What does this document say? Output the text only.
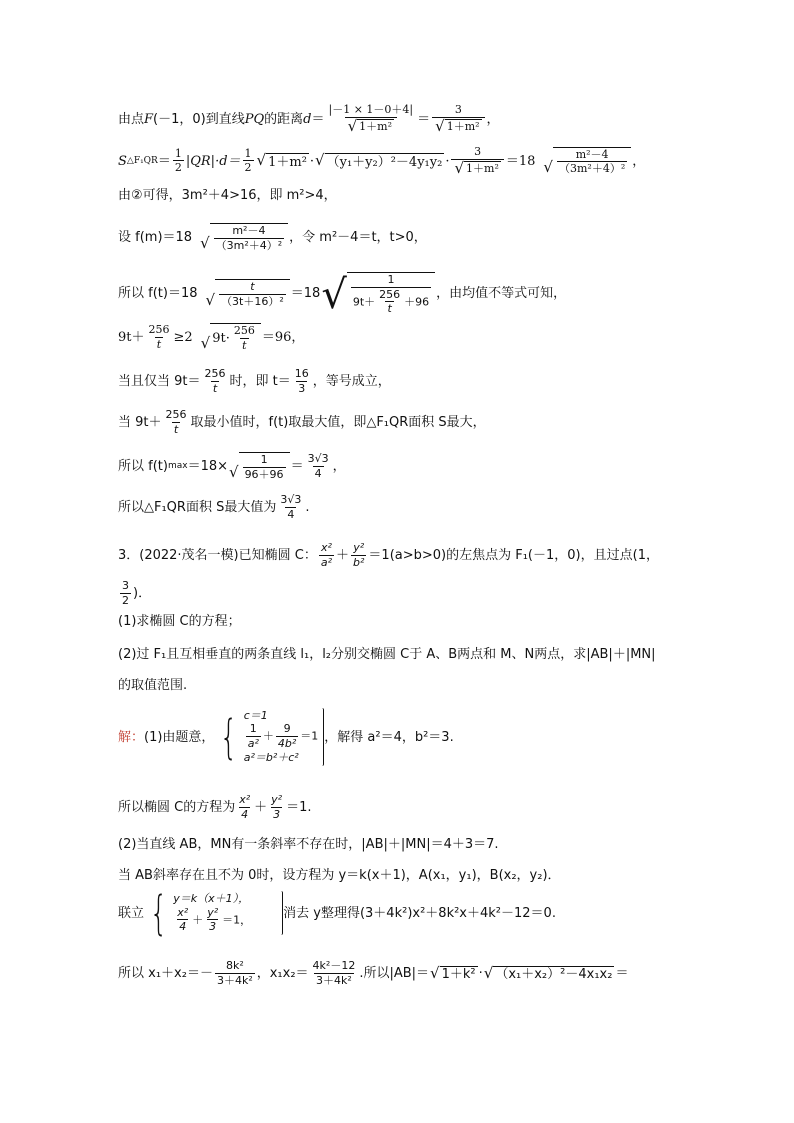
由点 F (－1，0)到直线 PQ 的距离 $d = \frac{|-1 \times 1-0+4|}{\text{√ 1＋m²}} = \frac{3}{\text{√ 1＋m²}}$ ，
S △F₁QR ＝ $\frac{1}{2} |QR|\cdot d= \frac{1}{2}$ √ 1＋m² · √ $(y_1+y_2)^2-4y_1y_2 \cdot \frac{3}{\text{√ 1＋m²}} =18$ √ $\frac{\text{m²－4}}{\text{（3m²＋4）²}}$ ，
由②可得，3m²＋4>16，即 m²>4，
设 f(m)＝18 √ $\frac{\text{m²－4}}{\text{（3m²＋4）²}}$ ，令 m²－4＝t，t>0，
所以 f(t)＝18 √ $\frac{t}{\text{（3t＋16）²}} =18$ √ $\frac{1}{9t+ \frac{256}{t} +96}$ ，由均值不等式可知，
$9t+ \frac{256}{t} \ge 2$ √ $9t\cdot \frac{256}{t} =96$，
当且仅当 $9t= \frac{256}{t}$ 时，即 $t= \frac{16}{3}$ ，等号成立，
当 $9t+ \frac{256}{t}$ 取最小值时，f(t)取最大值，即△F₁QR面积 S最大，
所以 f(t) max ＝18× √ $\frac{1}{96+96} = \frac{3√3}{4}$ ，
所以△F₁QR面积 S最大值为 $\frac{3√3}{4}$ .
3．(2022·茂名一模)已知椭圆 C： $\frac{\text{x²}}{\text{a²}} + \frac{\text{y²}}{\text{b²}} =1(a>b>0)$的左焦点为 F₁(－1，0)，且过点(1，
$\frac{3}{2}$ )．
(1)求椭圆 C的方程；
(2)过 F₁且互相垂直的两条直线 l₁，l₂分别交椭圆 C于 A、B两点和 M、N两点，求|AB|＋|MN|
的取值范围.
解： (1)由题意， { c＝1
$\frac{1}{\text{a²}} + \frac{9}{\text{4b²}} =1$
a²＝b²＋c²
，解得 a²＝4，b²＝3.
所以椭圆 C的方程为 $\frac{\text{x²}}{4} + \frac{\text{y²}}{3} =1$.
(2)当直线 AB，MN有一条斜率不存在时，|AB|＋|MN|＝4＋3＝7.
当 AB斜率存在且不为 0时，设方程为 y＝k(x＋1)，A(x₁，y₁)，B(x₂，y₂)．
联立 { y＝k（x＋1），
$\frac{\text{x²}}{4} + \frac{\text{y²}}{3} =1$， 消去 y整理得(3＋4k²)x²＋8k²x＋4k²－12＝0.
所以 $x_1+x_2=- \frac{\text{8k²}}{\text{3＋4k²}}$ ，$x_1x_2= \frac{\text{4k²－12}}{\text{3＋4k²}}$ .所以|AB|＝ √ 1＋k² · √ （x₁＋x₂）²－4x₁x₂ ＝
